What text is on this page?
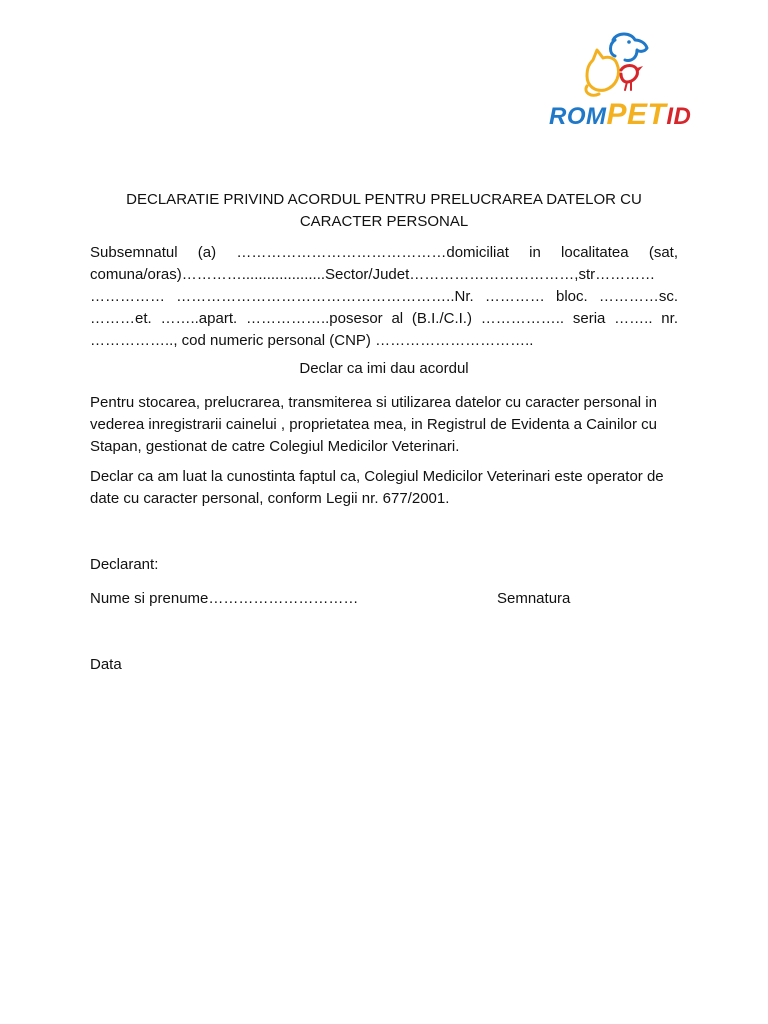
ROMPETID
DECLARATIE PRIVIND ACORDUL PENTRU PRELUCRAREA DATELOR CU
CARACTER PERSONAL

Subsemnatul (a) ……………………………………domiciliat in localitatea (sat, comuna/oras)…………....................Sector/Judet……………………………,str………… …………… ………………………………………………..Nr. ………… bloc. …………sc. ………et. ……..apart. ……………..posesor al (B.I./C.I.) …………….. seria …….. nr. …………….., cod numeric personal (CNP) …………………………..

Declar ca imi dau acordul

Pentru stocarea, prelucrarea, transmiterea si utilizarea datelor cu caracter personal in vederea inregistrarii cainelui , proprietatea mea, in Registrul de Evidenta a Cainilor cu Stapan, gestionat de catre Colegiul Medicilor Veterinari.

Declar ca am luat la cunostinta faptul ca, Colegiul Medicilor Veterinari este operator de date cu caracter personal, conform Legii nr. 677/2001.

Declarant:
Nume si prenume…………………………	Semnatura
Data
